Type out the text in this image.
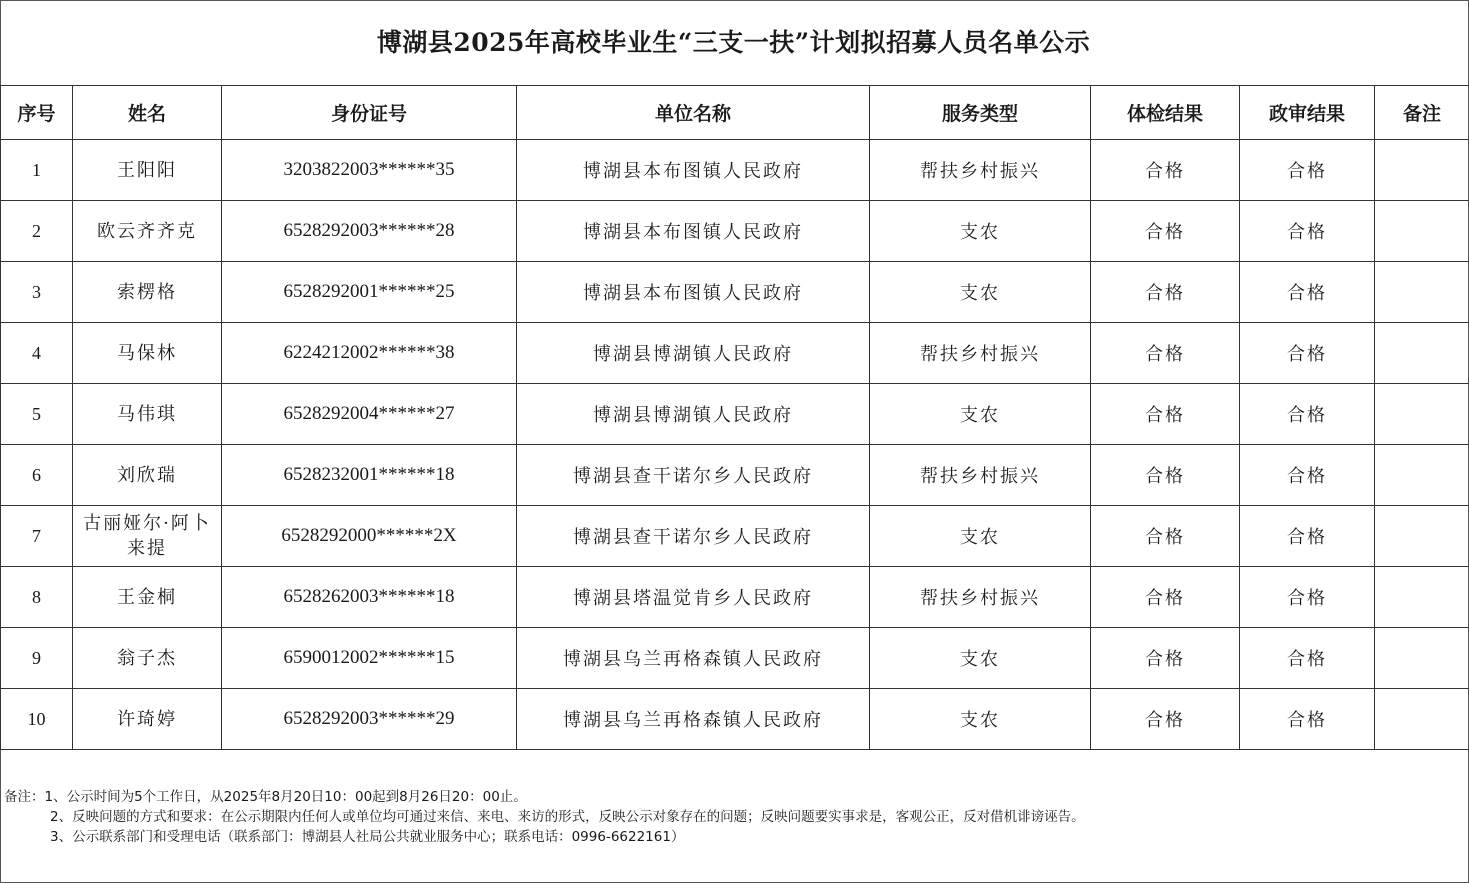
博湖县2025年高校毕业生“三支一扶”计划拟招募人员名单公示
序号	姓名	身份证号	单位名称	服务类型	体检结果	政审结果	备注
1	王阳阳	3203822003******35	博湖县本布图镇人民政府	帮扶乡村振兴	合格	合格	
2	欧云齐齐克	6528292003******28	博湖县本布图镇人民政府	支农	合格	合格	
3	索楞格	6528292001******25	博湖县本布图镇人民政府	支农	合格	合格	
4	马保林	6224212002******38	博湖县博湖镇人民政府	帮扶乡村振兴	合格	合格	
5	马伟琪	6528292004******27	博湖县博湖镇人民政府	支农	合格	合格	
6	刘欣瑞	6528232001******18	博湖县查干诺尔乡人民政府	帮扶乡村振兴	合格	合格	
7	古丽娅尔·阿卜来提	6528292000******2X	博湖县查干诺尔乡人民政府	支农	合格	合格	
8	王金桐	6528262003******18	博湖县塔温觉肯乡人民政府	帮扶乡村振兴	合格	合格	
9	翁子杰	6590012002******15	博湖县乌兰再格森镇人民政府	支农	合格	合格	
10	许琦婷	6528292003******29	博湖县乌兰再格森镇人民政府	支农	合格	合格	
备注：1、公示时间为5个工作日，从2025年8月20日10：00起到8月26日20：00止。
2、反映问题的方式和要求：在公示期限内任何人或单位均可通过来信、来电、来访的形式，反映公示对象存在的问题；反映问题要实事求是，客观公正，反对借机诽谤诬告。
3、公示联系部门和受理电话（联系部门：博湖县人社局公共就业服务中心；联系电话：0996-6622161）
